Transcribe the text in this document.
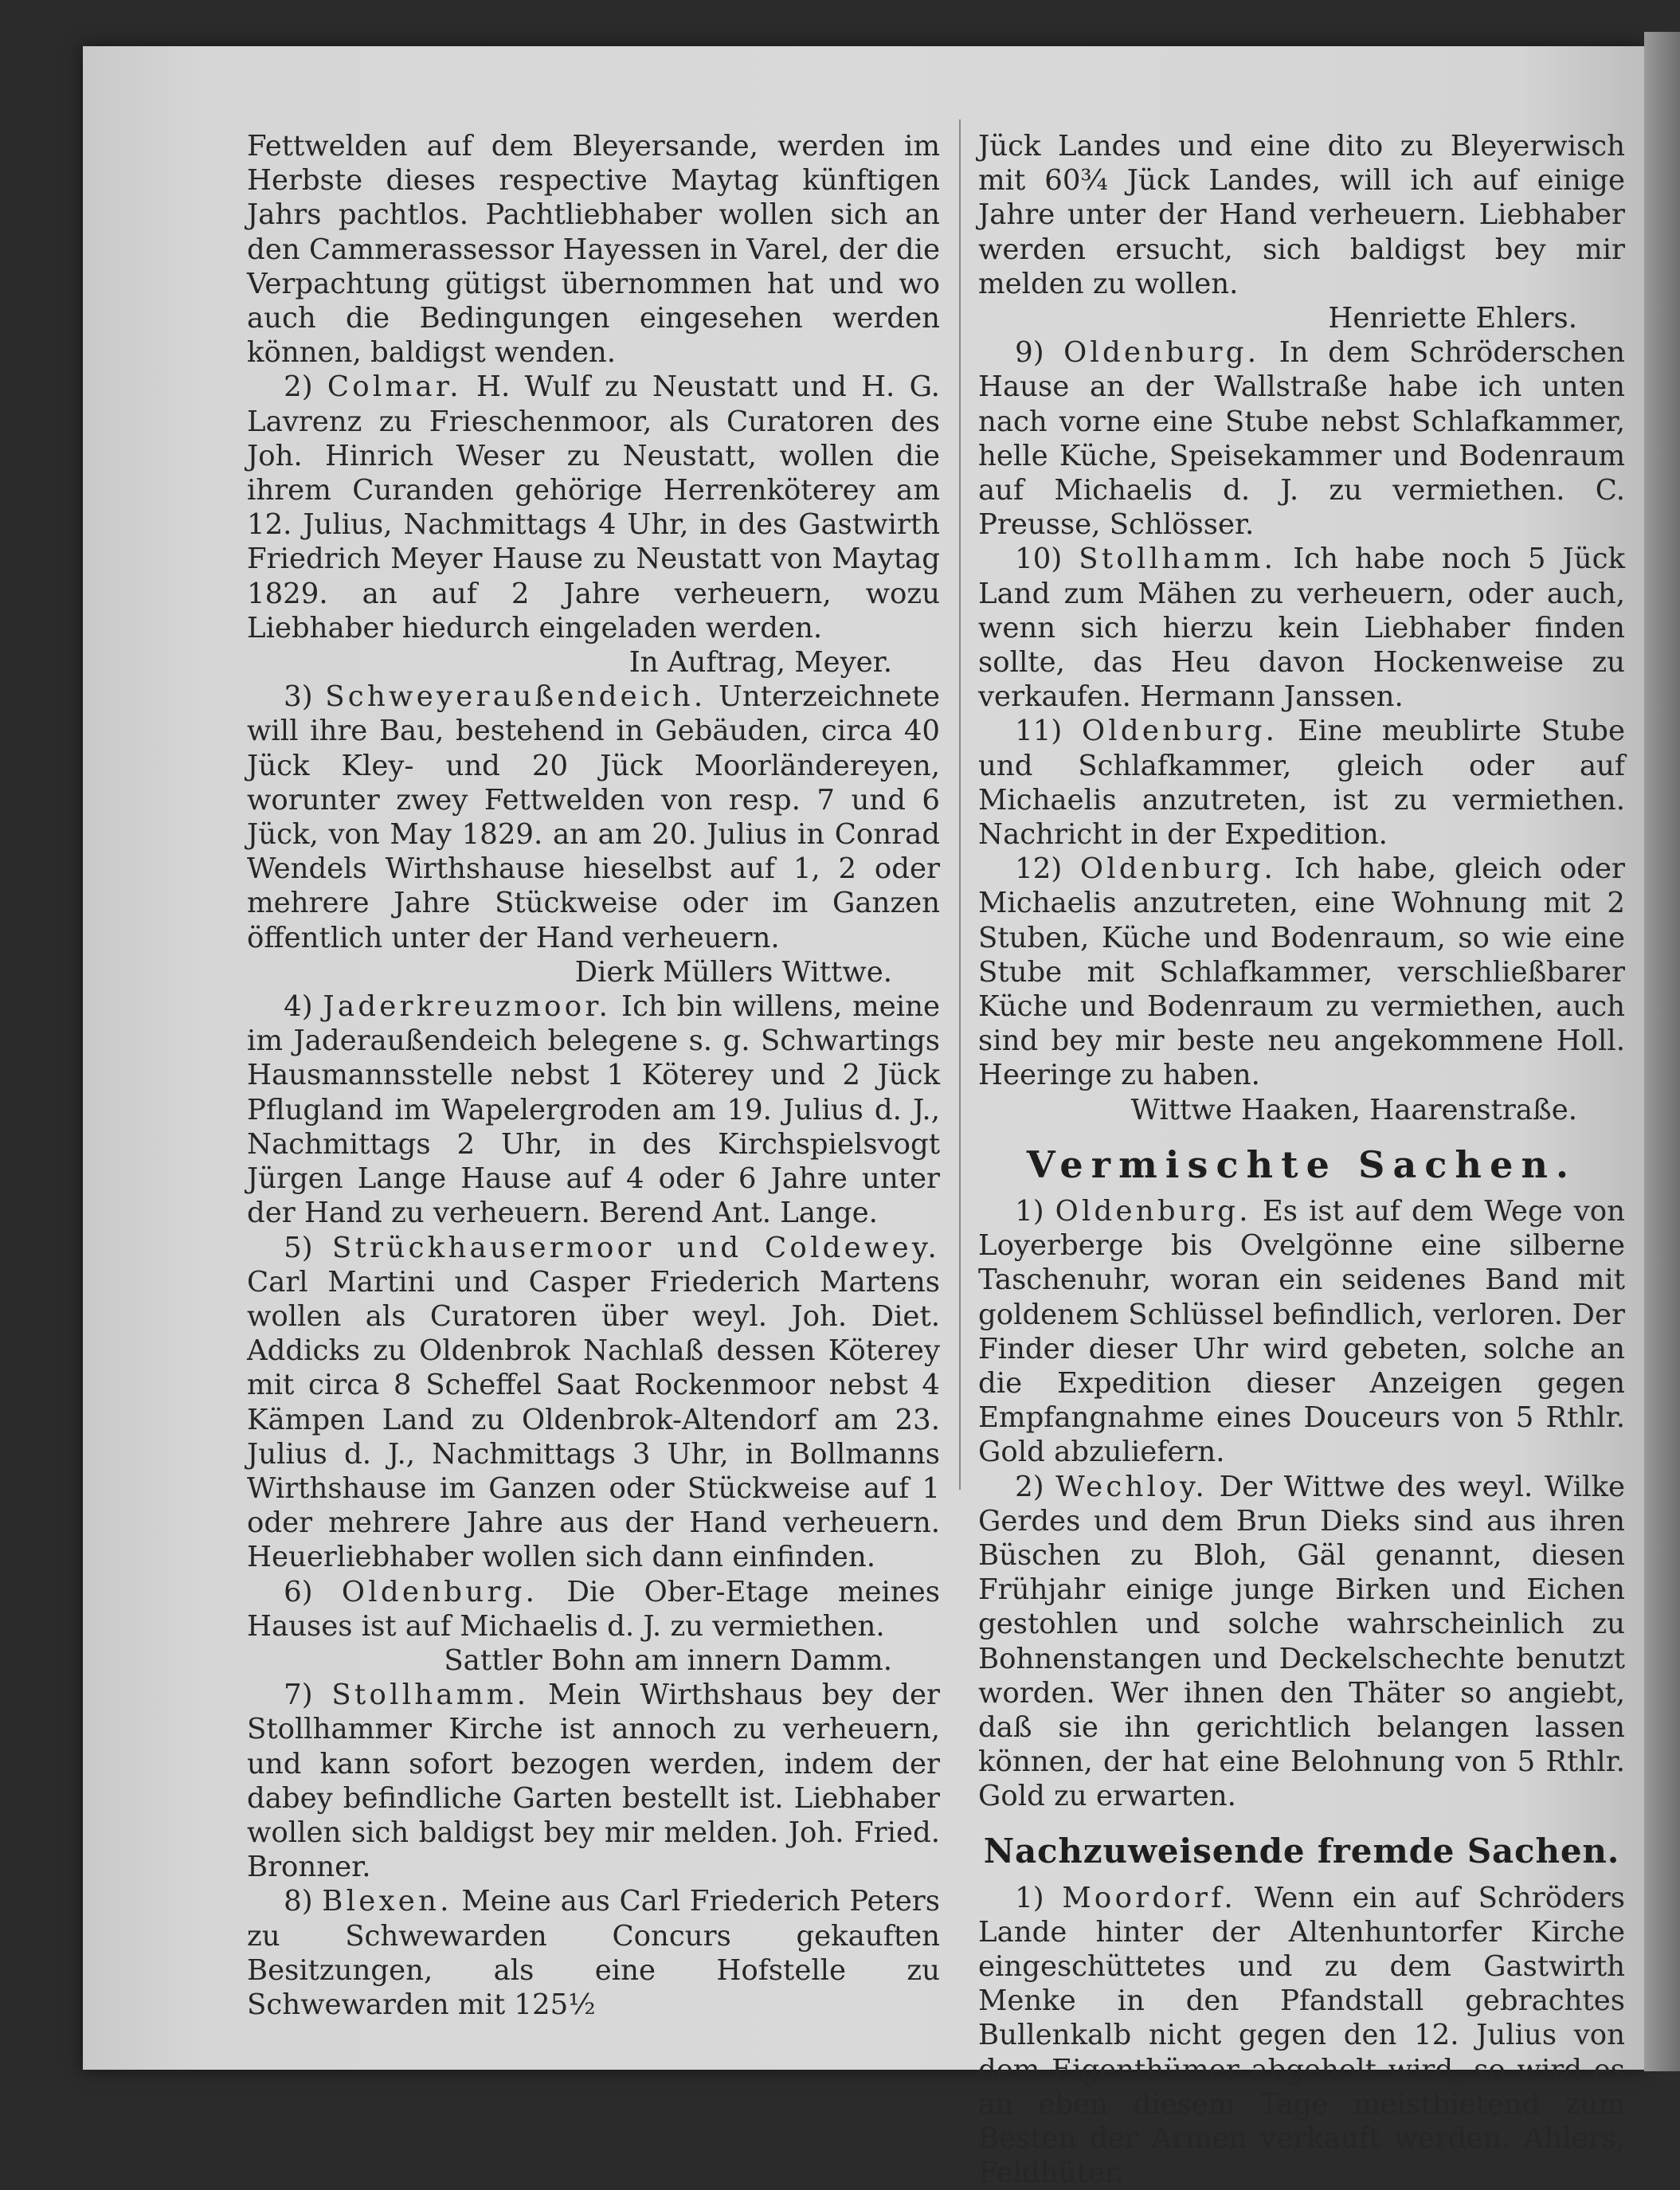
Fettwelden auf dem Bleyersande, werden im Herbste dieses respective Maytag künftigen Jahrs pachtlos. Pachtliebhaber wollen sich an den Cammerassessor Hayessen in Varel, der die Verpachtung gütigst übernommen hat und wo auch die Bedingungen eingesehen werden können, baldigst wenden.

2) Colmar. H. Wulf zu Neustatt und H. G. Lavrenz zu Frieschenmoor, als Curatoren des Joh. Hinrich Weser zu Neustatt, wollen die ihrem Curanden gehörige Herrenköterey am 12. Julius, Nachmittags 4 Uhr, in des Gastwirth Friedrich Meyer Hause zu Neustatt von Maytag 1829. an auf 2 Jahre verheuern, wozu Liebhaber hiedurch eingeladen werden.

In Auftrag, Meyer.

3) Schweyeraußendeich. Unterzeichnete will ihre Bau, bestehend in Gebäuden, circa 40 Jück Kley- und 20 Jück Moorländereyen, worunter zwey Fettwelden von resp. 7 und 6 Jück, von May 1829. an am 20. Julius in Conrad Wendels Wirthshause hieselbst auf 1, 2 oder mehrere Jahre Stückweise oder im Ganzen öffentlich unter der Hand verheuern.

Dierk Müllers Wittwe.

4) Jaderkreuzmoor. Ich bin willens, meine im Jaderaußendeich belegene s. g. Schwartings Hausmannsstelle nebst 1 Köterey und 2 Jück Pflugland im Wapelergroden am 19. Julius d. J., Nachmittags 2 Uhr, in des Kirchspielsvogt Jürgen Lange Hause auf 4 oder 6 Jahre unter der Hand zu verheuern. Berend Ant. Lange.

5) Strückhausermoor und Coldewey. Carl Martini und Casper Friederich Martens wollen als Curatoren über weyl. Joh. Diet. Addicks zu Oldenbrok Nachlaß dessen Köterey mit circa 8 Scheffel Saat Rockenmoor nebst 4 Kämpen Land zu Oldenbrok-Altendorf am 23. Julius d. J., Nachmittags 3 Uhr, in Bollmanns Wirthshause im Ganzen oder Stückweise auf 1 oder mehrere Jahre aus der Hand verheuern. Heuerliebhaber wollen sich dann einfinden.

6) Oldenburg. Die Ober-Etage meines Hauses ist auf Michaelis d. J. zu vermiethen.

Sattler Bohn am innern Damm.

7) Stollhamm. Mein Wirthshaus bey der Stollhammer Kirche ist annoch zu verheuern, und kann sofort bezogen werden, indem der dabey befindliche Garten bestellt ist. Liebhaber wollen sich baldigst bey mir melden. Joh. Fried. Bronner.

8) Blexen. Meine aus Carl Friederich Peters zu Schwewarden Concurs gekauften Besitzungen, als eine Hofstelle zu Schwewarden mit 125½

Jück Landes und eine dito zu Bleyerwisch mit 60¾ Jück Landes, will ich auf einige Jahre unter der Hand verheuern. Liebhaber werden ersucht, sich baldigst bey mir melden zu wollen.

Henriette Ehlers.

9) Oldenburg. In dem Schröderschen Hause an der Wallstraße habe ich unten nach vorne eine Stube nebst Schlafkammer, helle Küche, Speisekammer und Bodenraum auf Michaelis d. J. zu vermiethen. C. Preusse, Schlösser.

10) Stollhamm. Ich habe noch 5 Jück Land zum Mähen zu verheuern, oder auch, wenn sich hierzu kein Liebhaber finden sollte, das Heu davon Hockenweise zu verkaufen. Hermann Janssen.

11) Oldenburg. Eine meublirte Stube und Schlafkammer, gleich oder auf Michaelis anzutreten, ist zu vermiethen. Nachricht in der Expedition.

12) Oldenburg. Ich habe, gleich oder Michaelis anzutreten, eine Wohnung mit 2 Stuben, Küche und Bodenraum, so wie eine Stube mit Schlafkammer, verschließbarer Küche und Bodenraum zu vermiethen, auch sind bey mir beste neu angekommene Holl. Heeringe zu haben.

Wittwe Haaken, Haarenstraße.

Vermischte Sachen.

1) Oldenburg. Es ist auf dem Wege von Loyerberge bis Ovelgönne eine silberne Taschenuhr, woran ein seidenes Band mit goldenem Schlüssel befindlich, verloren. Der Finder dieser Uhr wird gebeten, solche an die Expedition dieser Anzeigen gegen Empfangnahme eines Douceurs von 5 Rthlr. Gold abzuliefern.

2) Wechloy. Der Wittwe des weyl. Wilke Gerdes und dem Brun Dieks sind aus ihren Büschen zu Bloh, Gäl genannt, diesen Frühjahr einige junge Birken und Eichen gestohlen und solche wahrscheinlich zu Bohnenstangen und Deckelschechte benutzt worden. Wer ihnen den Thäter so angiebt, daß sie ihn gerichtlich belangen lassen können, der hat eine Belohnung von 5 Rthlr. Gold zu erwarten.

Nachzuweisende fremde Sachen.

1) Moordorf. Wenn ein auf Schröders Lande hinter der Altenhuntorfer Kirche eingeschüttetes und zu dem Gastwirth Menke in den Pfandstall gebrachtes Bullenkalb nicht gegen den 12. Julius von dem Eigenthümer abgeholt wird, so wird es an eben diesem Tage meistbietend zum Besten der Armen verkauft werden. Ahlers, Feldhüter.
